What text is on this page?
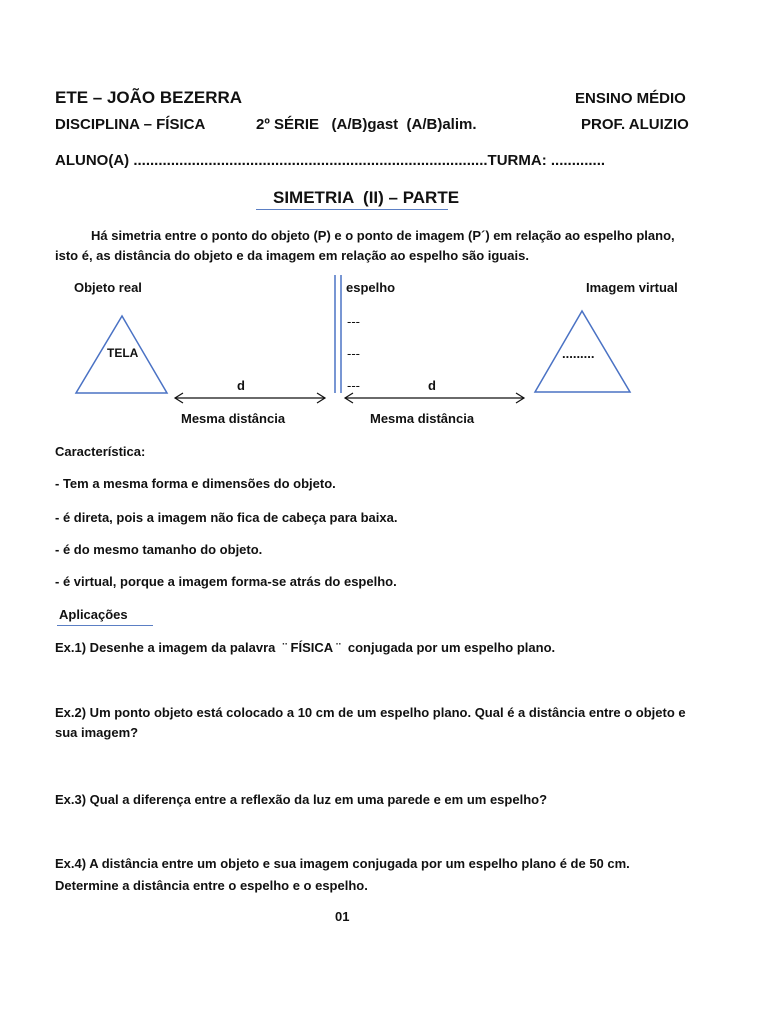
ETE – JOÃO BEZERRA	ENSINO MÉDIO
DISCIPLINA – FÍSICA	2º SÉRIE   (A/B)gast  (A/B)alim.	PROF. ALUIZIO
ALUNO(A) .....................................................................................TURMA: .............
SIMETRIA  (II) – PARTE
Há simetria entre o ponto do objeto (P) e o ponto de imagem (P´) em relação ao espelho plano,
isto é, as distância do objeto e da imagem em relação ao espelho são iguais.
Objeto real	espelho	Imagem virtual
TELA	.........
---
---
---
d	d
Mesma distância	Mesma distância
Característica:
- Tem a mesma forma e dimensões do objeto.
- é direta, pois a imagem não fica de cabeça para baixa.
- é do mesmo tamanho do objeto.
- é virtual, porque a imagem forma-se atrás do espelho.
Aplicações
Ex.1) Desenhe a imagem da palavra  ¨ FÍSICA ¨  conjugada por um espelho plano.
Ex.2) Um ponto objeto está colocado a 10 cm de um espelho plano. Qual é a distância entre o objeto e
sua imagem?
Ex.3) Qual a diferença entre a reflexão da luz em uma parede e em um espelho?
Ex.4) A distância entre um objeto e sua imagem conjugada por um espelho plano é de 50 cm.
Determine a distância entre o espelho e o espelho.
01
